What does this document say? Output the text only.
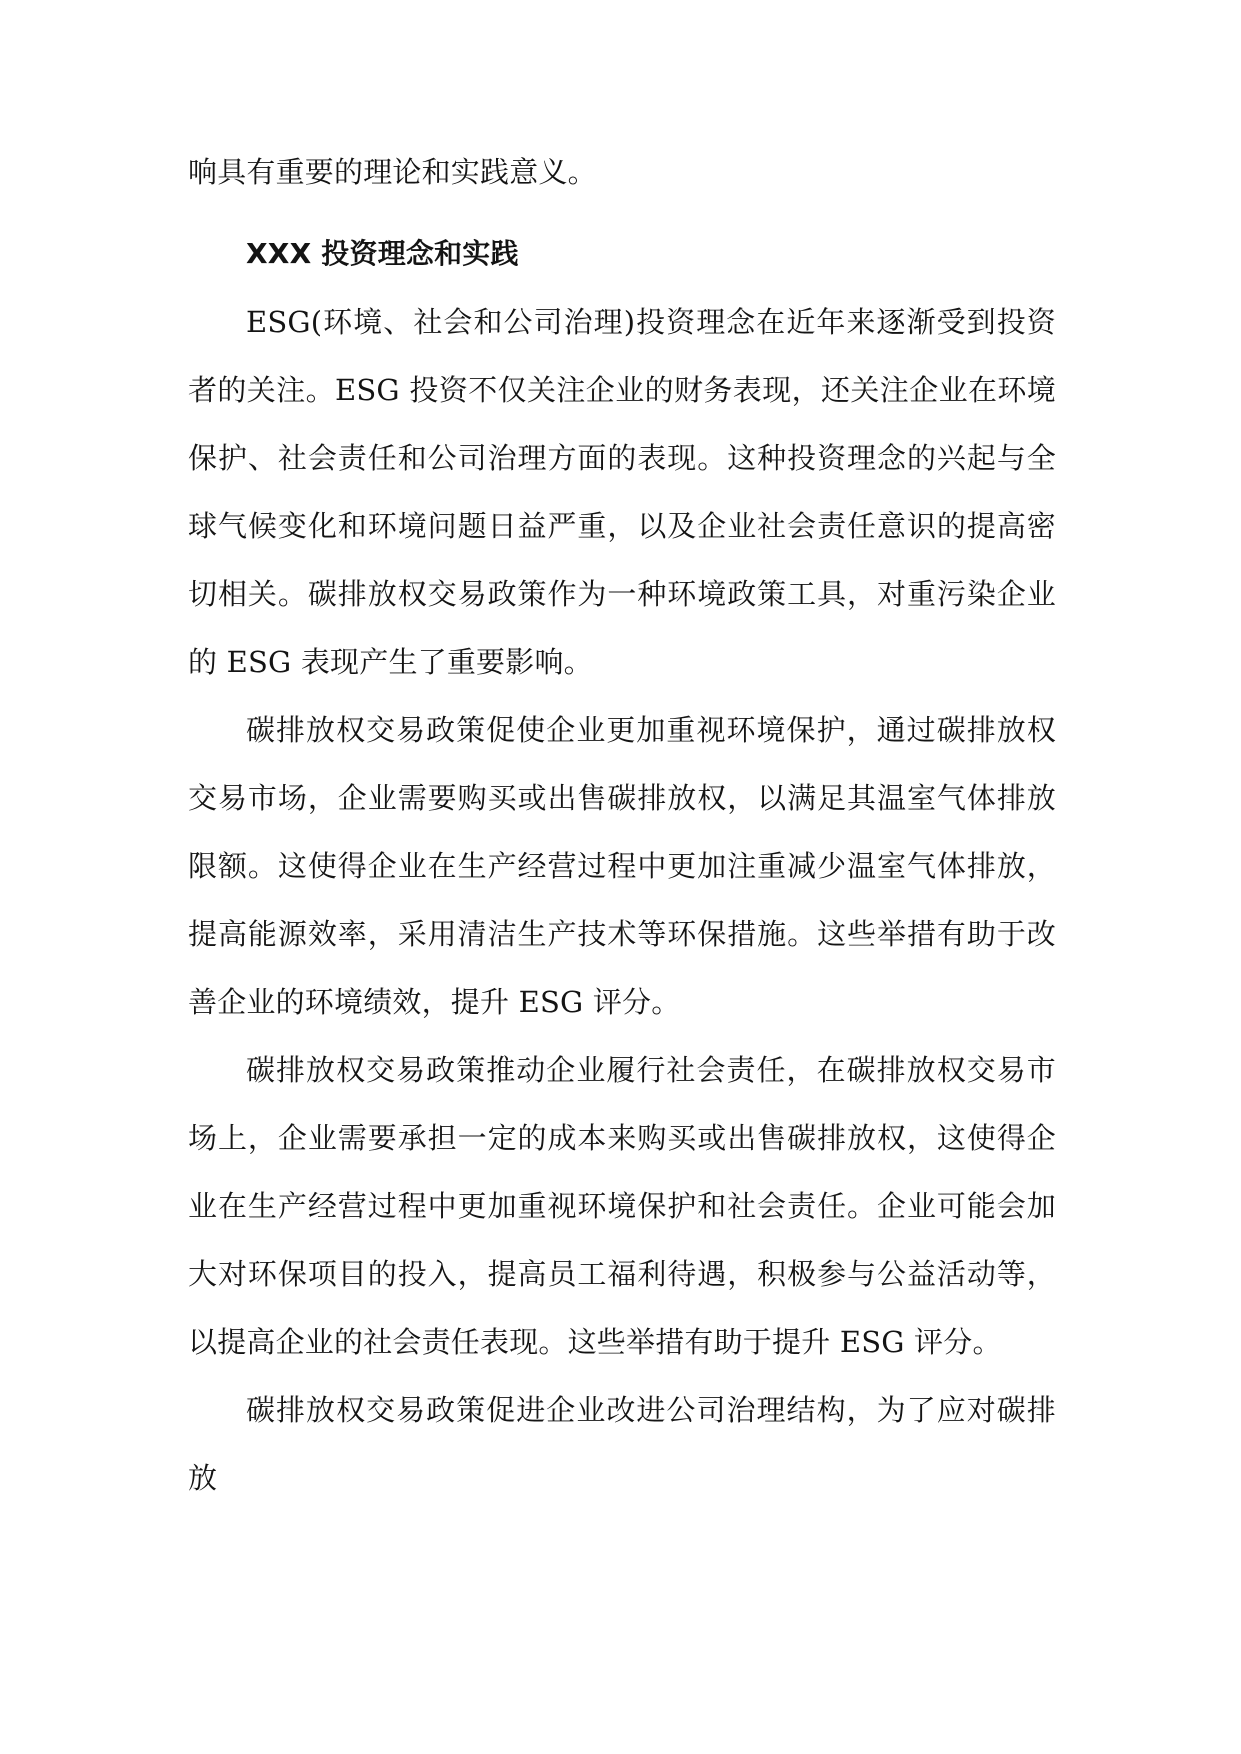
响具有重要的理论和实践意义。

XXX 投资理念和实践

ESG(环境、社会和公司治理)投资理念在近年来逐渐受到投资者的关注。ESG 投资不仅关注企业的财务表现，还关注企业在环境保护、社会责任和公司治理方面的表现。这种投资理念的兴起与全球气候变化和环境问题日益严重，以及企业社会责任意识的提高密切相关。碳排放权交易政策作为一种环境政策工具，对重污染企业的 ESG 表现产生了重要影响。

碳排放权交易政策促使企业更加重视环境保护，通过碳排放权交易市场，企业需要购买或出售碳排放权，以满足其温室气体排放限额。这使得企业在生产经营过程中更加注重减少温室气体排放，提高能源效率，采用清洁生产技术等环保措施。这些举措有助于改善企业的环境绩效，提升 ESG 评分。

碳排放权交易政策推动企业履行社会责任，在碳排放权交易市场上，企业需要承担一定的成本来购买或出售碳排放权，这使得企业在生产经营过程中更加重视环境保护和社会责任。企业可能会加大对环保项目的投入，提高员工福利待遇，积极参与公益活动等，以提高企业的社会责任表现。这些举措有助于提升 ESG 评分。

碳排放权交易政策促进企业改进公司治理结构，为了应对碳排放
